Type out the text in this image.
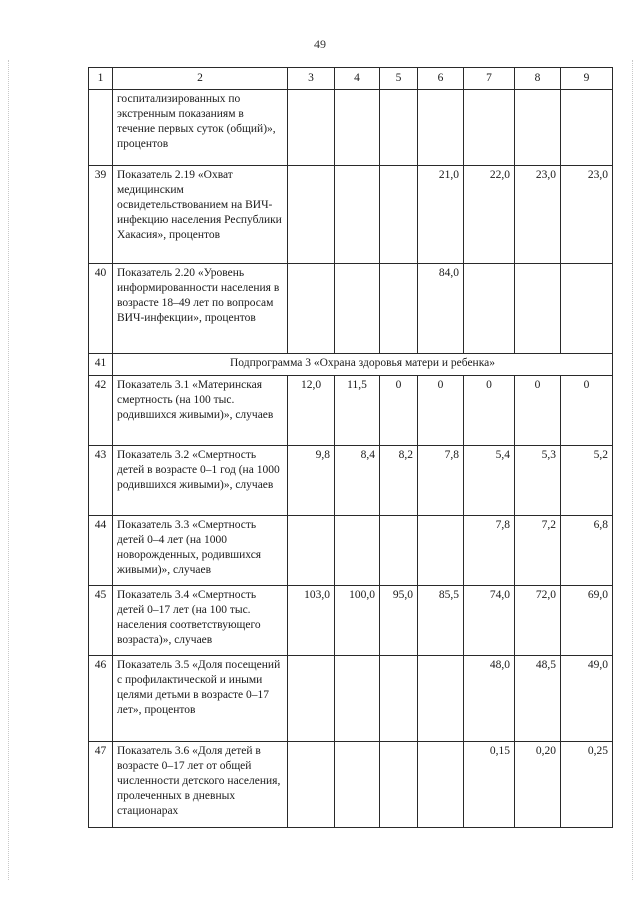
49
1	2	3	4	5	6	7	8	9
	госпитализированных по экстренным показаниям в течение первых суток (общий)», процентов							
39	Показатель 2.19 «Охват медицинским освидетельствованием на ВИЧ-инфекцию населения Республики Хакасия», процентов				21,0	22,0	23,0	23,0
40	Показатель 2.20 «Уровень информированности населения в возрасте 18–49 лет по вопросам ВИЧ-инфекции», процентов				84,0			
41	Подпрограмма 3 «Охрана здоровья матери и ребенка»							
42	Показатель 3.1 «Материнская смертность (на 100 тыс. родившихся живыми)», случаев	12,0	11,5	0	0	0	0	0
43	Показатель 3.2 «Смертность детей в возрасте 0–1 год (на 1000 родившихся живыми)», случаев	9,8	8,4	8,2	7,8	5,4	5,3	5,2
44	Показатель 3.3 «Смертность детей 0–4 лет (на 1000 новорожденных, родившихся живыми)», случаев					7,8	7,2	6,8
45	Показатель 3.4 «Смертность детей 0–17 лет (на 100 тыс. населения соответствующего возраста)», случаев	103,0	100,0	95,0	85,5	74,0	72,0	69,0
46	Показатель 3.5 «Доля посещений с профилактической и иными целями детьми в возрасте 0–17 лет», процентов					48,0	48,5	49,0
47	Показатель 3.6 «Доля детей в возрасте 0–17 лет от общей численности детского населения, пролеченных в дневных стационарах					0,15	0,20	0,25
